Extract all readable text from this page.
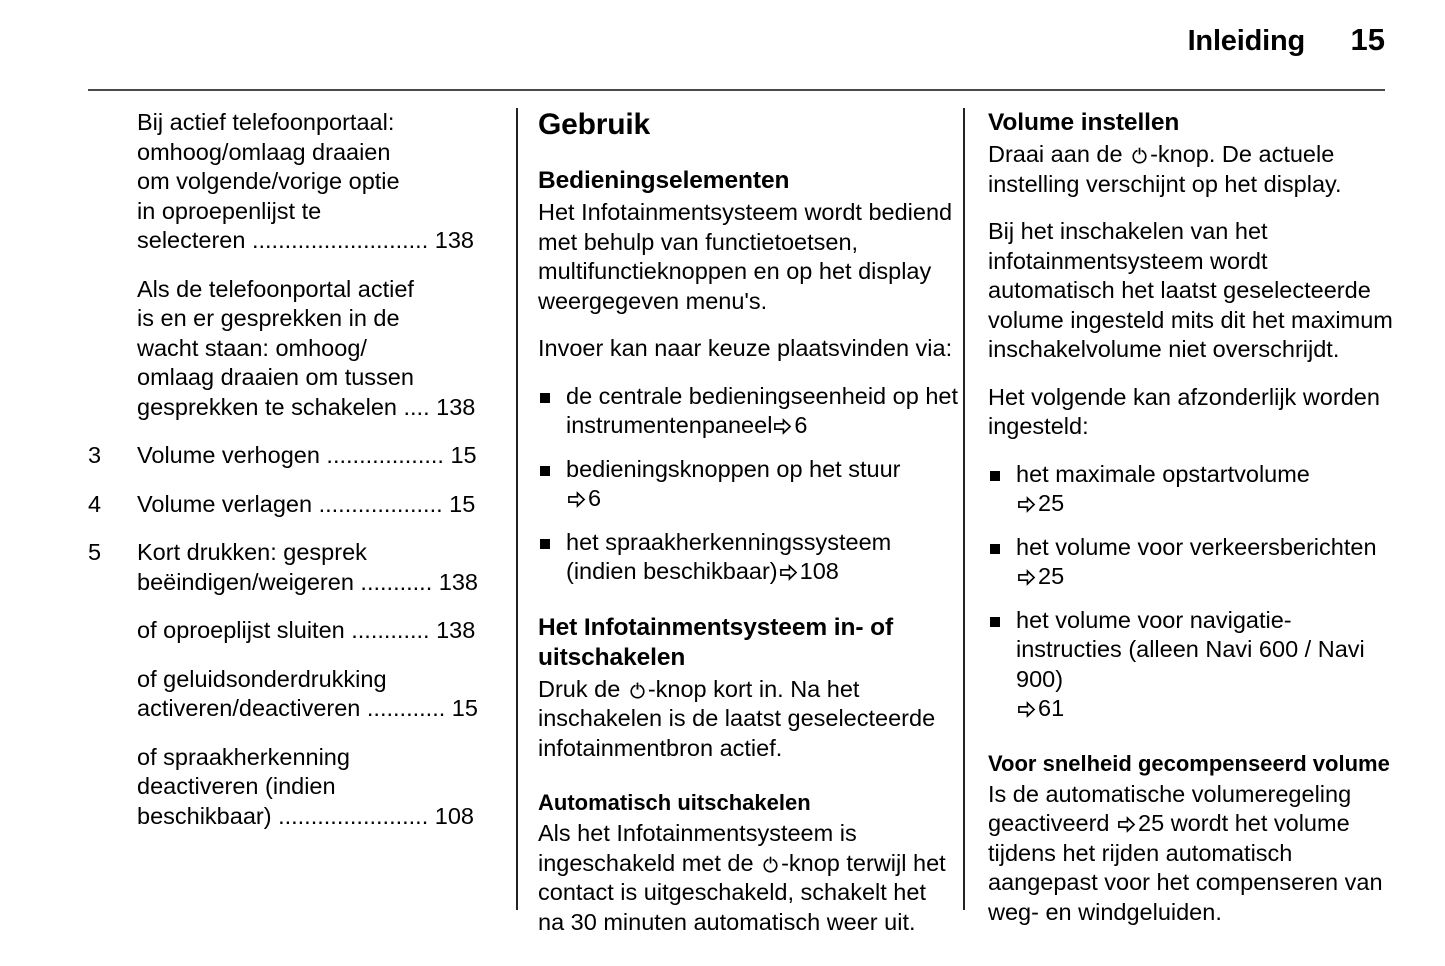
Inleiding 15
Bij actief telefoonportaal:
omhoog/omlaag draaien
om volgende/vorige optie
in oproepenlijst te
selecteren ........................... 138
Als de telefoonportal actief
is en er gesprekken in de
wacht staan: omhoog/
omlaag draaien om tussen
gesprekken te schakelen .... 138
3	Volume verhogen .................. 15
4	Volume verlagen ................... 15
5	Kort drukken: gesprek
beëindigen/weigeren ........... 138
of oproeplijst sluiten ............ 138
of geluidsonderdrukking
activeren/deactiveren ............ 15
of spraakherkenning
deactiveren (indien
beschikbaar) ....................... 108
Gebruik
Bedieningselementen

Het Infotainmentsysteem wordt bediend met behulp van functietoetsen, multifunctieknoppen en op het display weergegeven menu's.

Invoer kan naar keuze plaatsvinden via:

de centrale bedieningseenheid op het instrumentenpaneel 6
bedieningsknoppen op het stuur

6
het spraakherkenningssysteem (indien beschikbaar) 108
Het Infotainmentsysteem in- of uitschakelen

Druk de
-knop kort in. Na het inschakelen is de laatst geselecteerde infotainmentbron actief.

Automatisch uitschakelen

Als het Infotainmentsysteem is ingeschakeld met de
-knop terwijl het contact is uitgeschakeld, schakelt het na 30 minuten automatisch weer uit.

Volume instellen

Draai aan de
-knop. De actuele instelling verschijnt op het display.

Bij het inschakelen van het infotainmentsysteem wordt automatisch het laatst geselecteerde volume ingesteld mits dit het maximum inschakelvolume niet overschrijdt.

Het volgende kan afzonderlijk worden ingesteld:

het maximale opstartvolume

25
het volume voor verkeersberichten

25
het volume voor navigatie-instructies (alleen Navi 600 / Navi 900)

61
Voor snelheid gecompenseerd volume

Is de automatische volumeregeling geactiveerd
25 wordt het volume tijdens het rijden automatisch aangepast voor het compenseren van weg- en windgeluiden.
